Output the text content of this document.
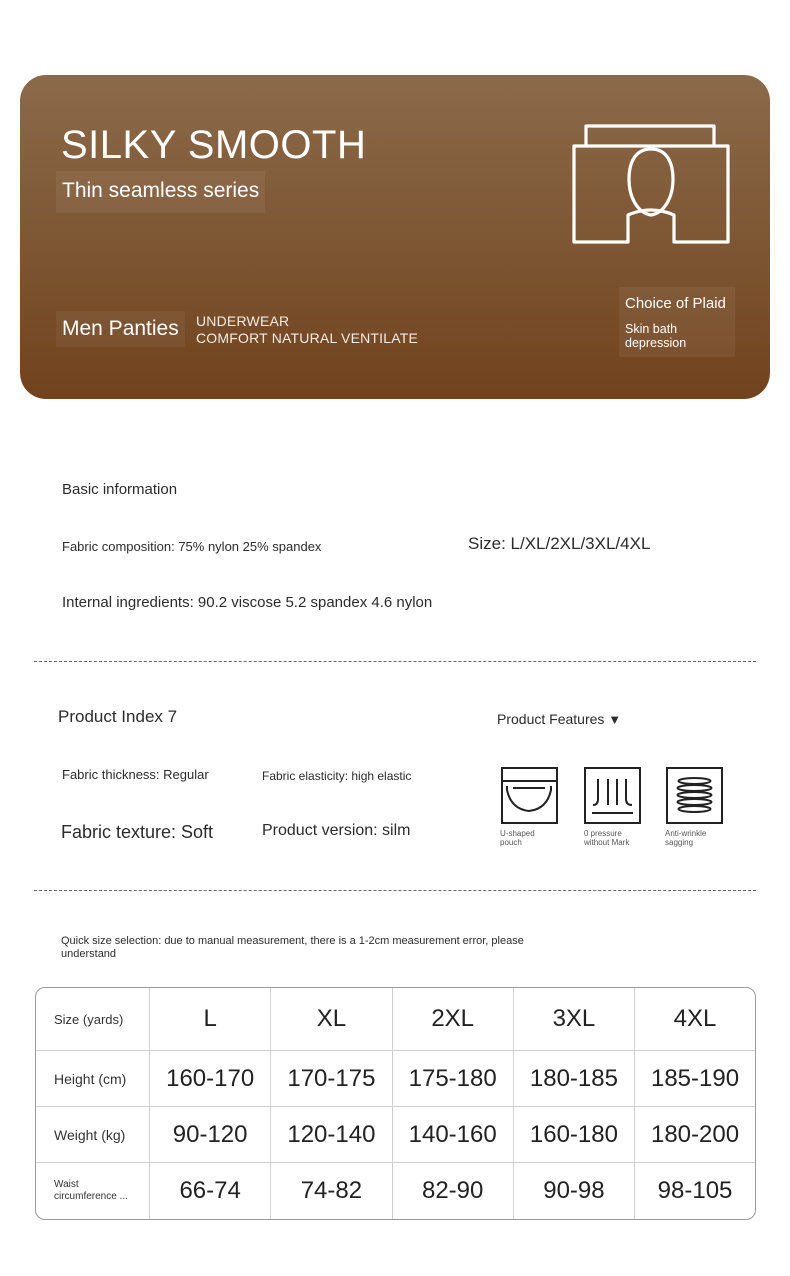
SILKY SMOOTH
Thin seamless series
Men Panties	UNDERWEAR
COMFORT NATURAL VENTILATE
Choice of Plaid
Skin bath
depression
Basic information
Fabric composition: 75% nylon 25% spandex	Size: L/XL/2XL/3XL/4XL
Internal ingredients: 90.2 viscose 5.2 spandex 4.6 nylon
Product Index 7	Product Features ▼
Fabric thickness: Regular	Fabric elasticity: high elastic
Fabric texture: Soft	Product version: silm	U-shaped
pouch
0 pressure
without Mark
Anti-wrinkle
sagging
Quick size selection: due to manual measurement, there is a 1-2cm measurement error, please
understand
Size (yards)	L	XL	2XL	3XL	4XL
Height (cm)	160-170	170-175	175-180	180-185	185-190
Weight (kg)	90-120	120-140	140-160	160-180	180-200

Waist
circumference ...	66-74	74-82	82-90	90-98	98-105
